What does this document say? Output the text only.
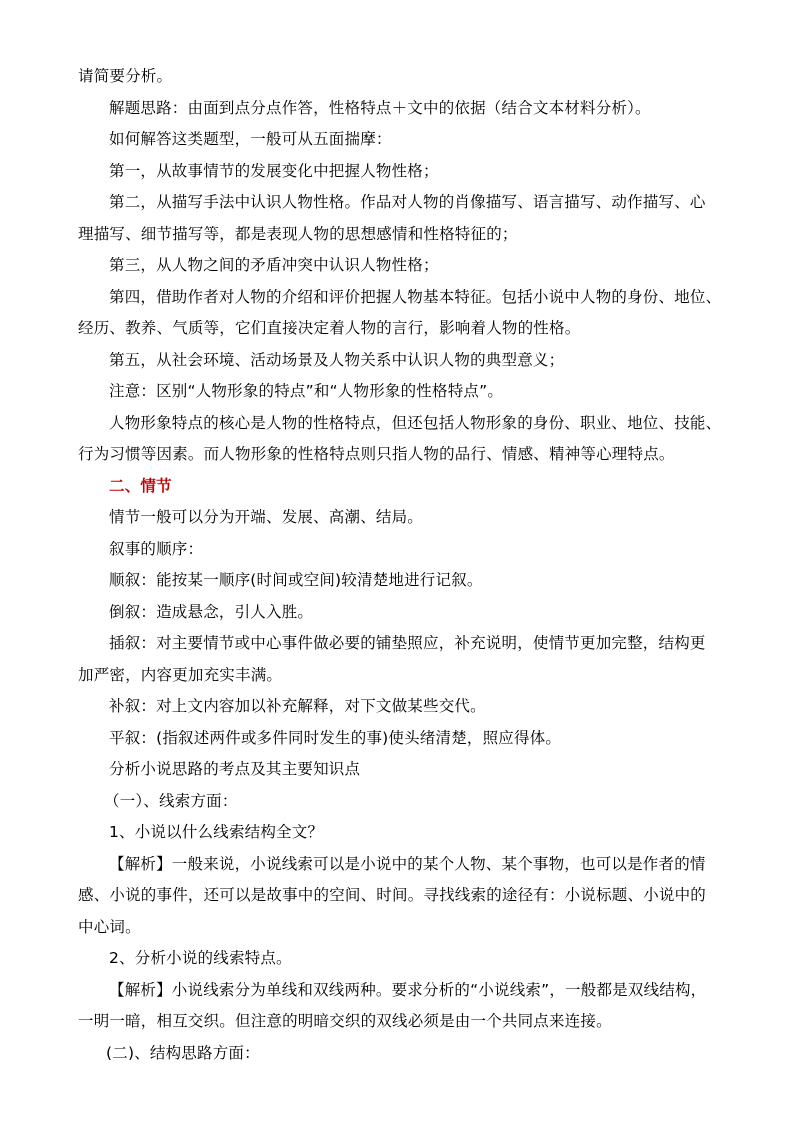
请简要分析。
解题思路：由面到点分点作答，性格特点＋文中的依据（结合文本材料分析）。
如何解答这类题型，一般可从五面揣摩：
第一，从故事情节的发展变化中把握人物性格；
第二，从描写手法中认识人物性格。作品对人物的肖像描写、语言描写、动作描写、心
理描写、细节描写等，都是表现人物的思想感情和性格特征的；
第三，从人物之间的矛盾冲突中认识人物性格；
第四，借助作者对人物的介绍和评价把握人物基本特征。包括小说中人物的身份、地位、
经历、教养、气质等，它们直接决定着人物的言行，影响着人物的性格。
第五，从社会环境、活动场景及人物关系中认识人物的典型意义；
注意：区别“人物形象的特点”和“人物形象的性格特点”。
人物形象特点的核心是人物的性格特点，但还包括人物形象的身份、职业、地位、技能、
行为习惯等因素。而人物形象的性格特点则只指人物的品行、情感、精神等心理特点。
二、情节
情节一般可以分为开端、发展、高潮、结局。
叙事的顺序：
顺叙：能按某一顺序(时间或空间)较清楚地进行记叙。
倒叙：造成悬念，引人入胜。
插叙：对主要情节或中心事件做必要的铺垫照应，补充说明，使情节更加完整，结构更
加严密，内容更加充实丰满。
补叙：对上文内容加以补充解释，对下文做某些交代。
平叙：(指叙述两件或多件同时发生的事)使头绪清楚，照应得体。
分析小说思路的考点及其主要知识点
（一）、线索方面：
1、小说以什么线索结构全文？
【解析】一般来说，小说线索可以是小说中的某个人物、某个事物，也可以是作者的情
感、小说的事件，还可以是故事中的空间、时间。寻找线索的途径有：小说标题、小说中的
中心词。
2、分析小说的线索特点。
【解析】小说线索分为单线和双线两种。要求分析的“小说线索”，一般都是双线结构，
一明一暗，相互交织。但注意的明暗交织的双线必须是由一个共同点来连接。
(二)、结构思路方面：
